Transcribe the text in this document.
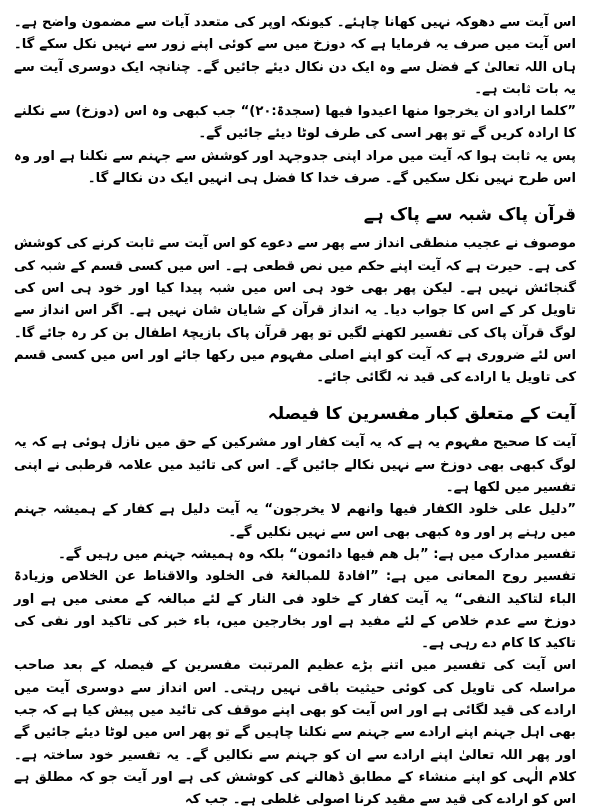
اس آیت سے دھوکہ نہیں کھانا چاہئے۔ کیونکہ اوپر کی متعدد آیات سے مضمون واضح ہے۔ اس آیت میں صرف یہ فرمایا ہے کہ دوزخ میں سے کوئی اپنے زور سے نہیں نکل سکے گا۔ ہاں اللہ تعالیٰ کے فضل سے وہ ایک دن نکال دیئے جائیں گے۔ چنانچہ ایک دوسری آیت سے یہ بات ثابت ہے۔

”کلما ارادو ان یخرجوا منھا اعیدوا فیھا (سجدۃ:٢٠)“ جب کبھی وہ اس (دوزخ) سے نکلنے کا ارادہ کریں گے تو پھر اسی کی طرف لوٹا دیئے جائیں گے۔

پس یہ ثابت ہوا کہ آیت میں مراد اپنی جدوجہد اور کوشش سے جہنم سے نکلنا ہے اور وہ اس طرح نہیں نکل سکیں گے۔ صرف خدا کا فضل ہی انہیں ایک دن نکالے گا۔

قرآن پاک شبہ سے پاک ہے

موصوف نے عجیب منطقی انداز سے پھر سے دعوے کو اس آیت سے ثابت کرنے کی کوشش کی ہے۔ حیرت ہے کہ آیت اپنے حکم میں نص قطعی ہے۔ اس میں کسی قسم کے شبہ کی گنجائش نہیں ہے۔ لیکن پھر بھی خود ہی اس میں شبہ پیدا کیا اور خود ہی اس کی تاویل کر کے اس کا جواب دیا۔ یہ انداز قرآن کے شایان شان نہیں ہے۔ اگر اس انداز سے لوگ قرآن پاک کی تفسیر لکھنے لگیں تو پھر قرآن پاک بازیچۂ اطفال بن کر رہ جائے گا۔ اس لئے ضروری ہے کہ آیت کو اپنے اصلی مفہوم میں رکھا جائے اور اس میں کسی قسم کی تاویل یا ارادے کی قید نہ لگائی جائے۔

آیت کے متعلق کبار مفسرین کا فیصلہ

آیت کا صحیح مفہوم یہ ہے کہ یہ آیت کفار اور مشرکین کے حق میں نازل ہوئی ہے کہ یہ لوگ کبھی بھی دوزخ سے نہیں نکالے جائیں گے۔ اس کی تائید میں علامہ قرطبی نے اپنی تفسیر میں لکھا ہے۔

”دلیل علی خلود الکفار فیھا وانھم لا یخرجون“ یہ آیت دلیل ہے کفار کے ہمیشہ جہنم میں رہنے پر اور وہ کبھی بھی اس سے نہیں نکلیں گے۔

تفسیر مدارک میں ہے: ”بل ھم فیھا دائمون“ بلکہ وہ ہمیشہ جہنم میں رہیں گے۔

تفسیر روح المعانی میں ہے: ”افادۃ للمبالغۃ فی الخلود والاقناط عن الخلاص وزیادۃ الباء لتاکید النفی“ یہ آیت کفار کے خلود فی النار کے لئے مبالغہ کے معنی میں ہے اور دوزخ سے عدم خلاص کے لئے مفید ہے اور بخارجین میں، باء خبر کی تاکید اور نفی کی تاکید کا کام دے رہی ہے۔

اس آیت کی تفسیر میں اتنے بڑے عظیم المرتبت مفسرین کے فیصلہ کے بعد صاحب مراسلہ کی تاویل کی کوئی حیثیت باقی نہیں رہتی۔ اس انداز سے دوسری آیت میں ارادے کی قید لگائی ہے اور اس آیت کو بھی اپنے موقف کی تائید میں پیش کیا ہے کہ جب بھی اہل جہنم اپنے ارادے سے جہنم سے نکلنا چاہیں گے تو پھر اس میں لوٹا دیئے جائیں گے اور پھر اللہ تعالیٰ اپنے ارادے سے ان کو جہنم سے نکالیں گے۔ یہ تفسیر خود ساختہ ہے۔ کلام الٰہی کو اپنے منشاء کے مطابق ڈھالنے کی کوشش کی ہے اور آیت جو کہ مطلق ہے اس کو ارادے کی قید سے مقید کرنا اصولی غلطی ہے۔ جب کہ
